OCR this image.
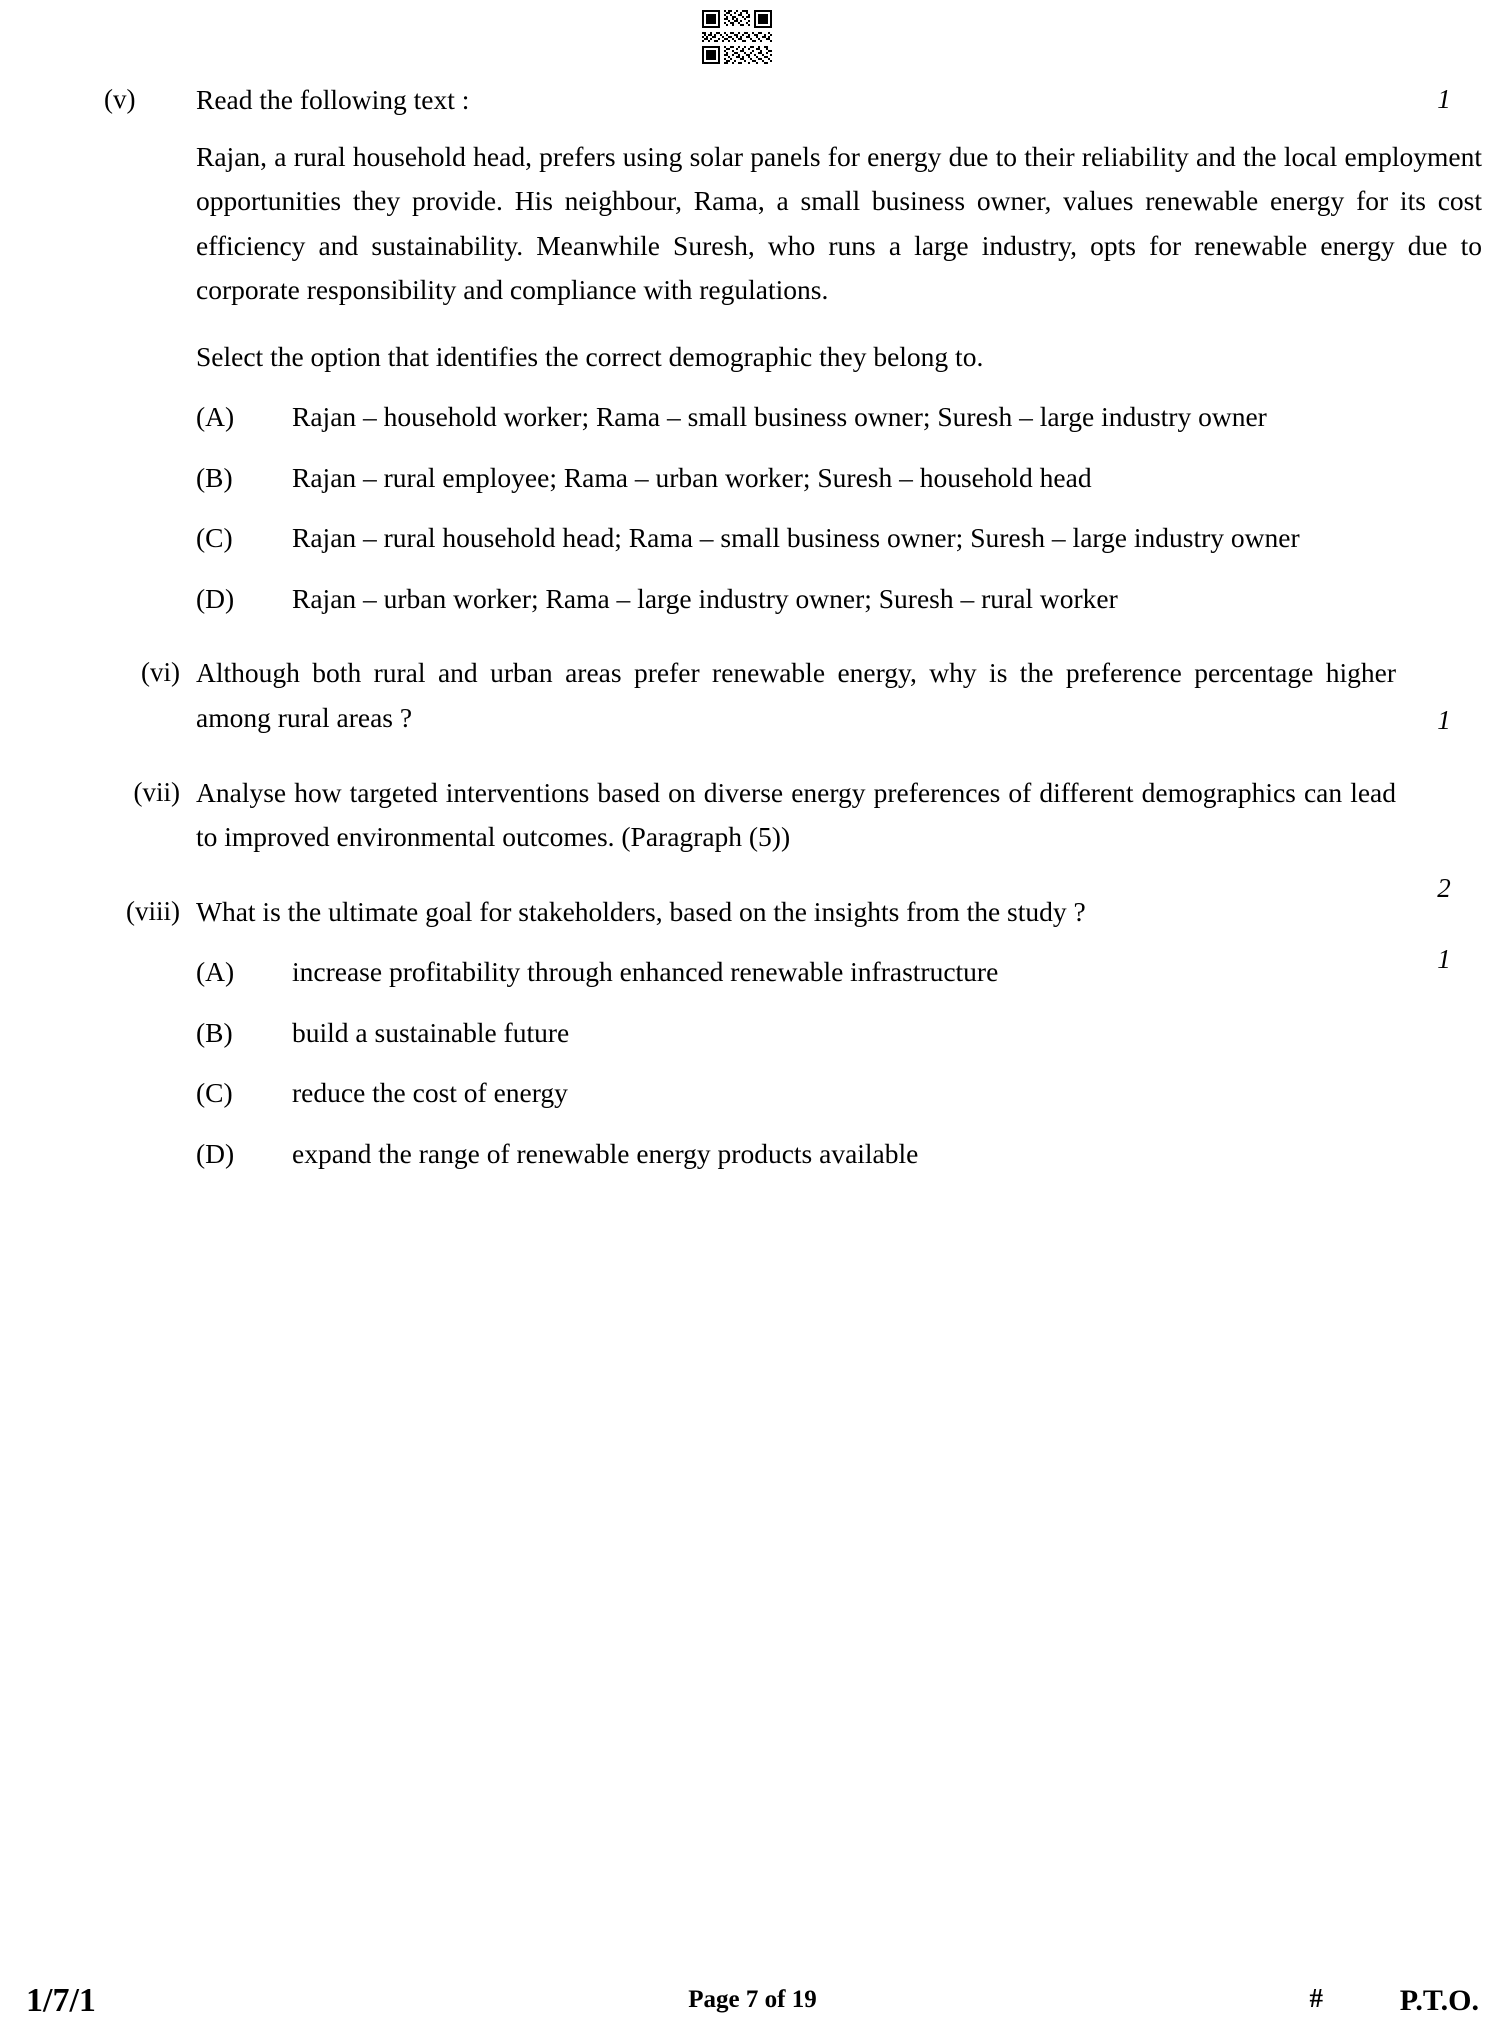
(v)	Read the following text :	1
Rajan, a rural household head, prefers using solar panels for energy due to their reliability and the local employment opportunities they provide. His neighbour, Rama, a small business owner, values renewable energy for its cost efficiency and sustainability. Meanwhile Suresh, who runs a large industry, opts for renewable energy due to corporate responsibility and compliance with regulations.
Select the option that identifies the correct demographic they belong to.
(A)	Rajan – household worker; Rama – small business owner; Suresh – large industry owner
(B)	Rajan – rural employee; Rama – urban worker; Suresh – household head
(C)	Rajan – rural household head; Rama – small business owner; Suresh – large industry owner
(D)	Rajan – urban worker; Rama – large industry owner; Suresh – rural worker
(vi) Although both rural and urban areas prefer renewable energy, why is the preference percentage higher among rural areas ?	1
(vii) Analyse how targeted interventions based on diverse energy preferences of different demographics can lead to improved environmental outcomes. (Paragraph (5))
2
(viii) What is the ultimate goal for stakeholders, based on the insights from the study ?
1
(A)	increase profitability through enhanced renewable infrastructure
(B)	build a sustainable future
(C)	reduce the cost of energy
(D)	expand the range of renewable energy products available
1/7/1	Page 7 of 19	#	P.T.O.
